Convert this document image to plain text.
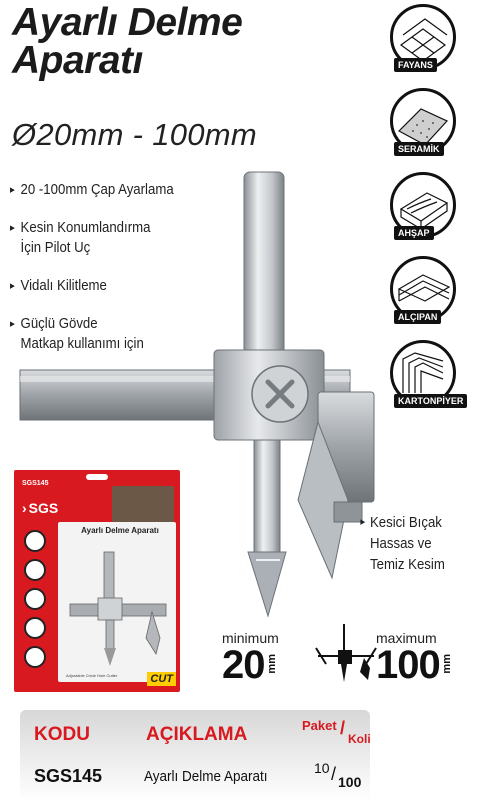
Ayarlı Delme
Aparatı
Ø20mm - 100mm
▸ 20 -100mm Çap Ayarlama
▸ Kesin Konumlandırma
İçin Pilot Uç
▸ Vidalı Kilitleme
▸ Güçlü Gövde
Matkap kullanımı için
FAYANS
SERAMİK
AHŞAP
ALÇIPAN
KARTONPİYER
▸ Kesici Bıçak
Hassas ve
Temiz Kesim
SGS145
› SGS
Ayarlı Delme Aparatı
Adjustable Circle Hole Cutter	CUT
minimum
20mm
maximum
100mm
KODU	AÇIKLAMA	Paket /
Koli
SGS145	Ayarlı Delme Aparatı	10 / 100
